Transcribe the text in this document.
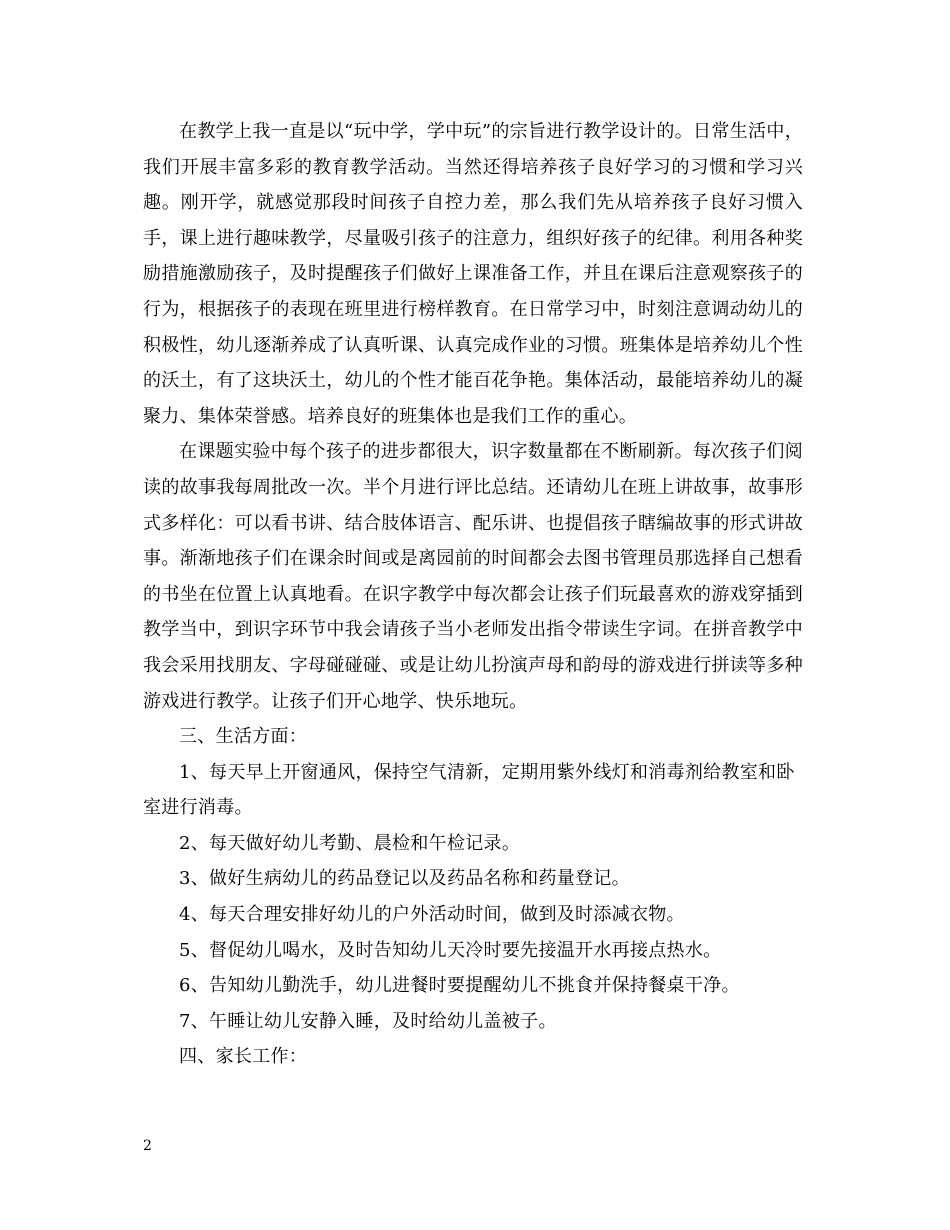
在教学上我一直是以“玩中学，学中玩”的宗旨进行教学设计的。日常生活中，我们开展丰富多彩的教育教学活动。当然还得培养孩子良好学习的习惯和学习兴趣。刚开学，就感觉那段时间孩子自控力差，那么我们先从培养孩子良好习惯入手，课上进行趣味教学，尽量吸引孩子的注意力，组织好孩子的纪律。利用各种奖励措施激励孩子，及时提醒孩子们做好上课准备工作，并且在课后注意观察孩子的行为，根据孩子的表现在班里进行榜样教育。在日常学习中，时刻注意调动幼儿的积极性，幼儿逐渐养成了认真听课、认真完成作业的习惯。班集体是培养幼儿个性的沃土，有了这块沃土，幼儿的个性才能百花争艳。集体活动，最能培养幼儿的凝聚力、集体荣誉感。培养良好的班集体也是我们工作的重心。

在课题实验中每个孩子的进步都很大，识字数量都在不断刷新。每次孩子们阅读的故事我每周批改一次。半个月进行评比总结。还请幼儿在班上讲故事，故事形式多样化：可以看书讲、结合肢体语言、配乐讲、也提倡孩子瞎编故事的形式讲故事。渐渐地孩子们在课余时间或是离园前的时间都会去图书管理员那选择自己想看的书坐在位置上认真地看。在识字教学中每次都会让孩子们玩最喜欢的游戏穿插到教学当中，到识字环节中我会请孩子当小老师发出指令带读生字词。在拼音教学中我会采用找朋友、字母碰碰碰、或是让幼儿扮演声母和韵母的游戏进行拼读等多种游戏进行教学。让孩子们开心地学、快乐地玩。

三、生活方面：

1、每天早上开窗通风，保持空气清新，定期用紫外线灯和消毒剂给教室和卧室进行消毒。

2、每天做好幼儿考勤、晨检和午检记录。

3、做好生病幼儿的药品登记以及药品名称和药量登记。

4、每天合理安排好幼儿的户外活动时间，做到及时添减衣物。

5、督促幼儿喝水，及时告知幼儿天冷时要先接温开水再接点热水。

6、告知幼儿勤洗手，幼儿进餐时要提醒幼儿不挑食并保持餐桌干净。

7、午睡让幼儿安静入睡，及时给幼儿盖被子。

四、家长工作：

2
